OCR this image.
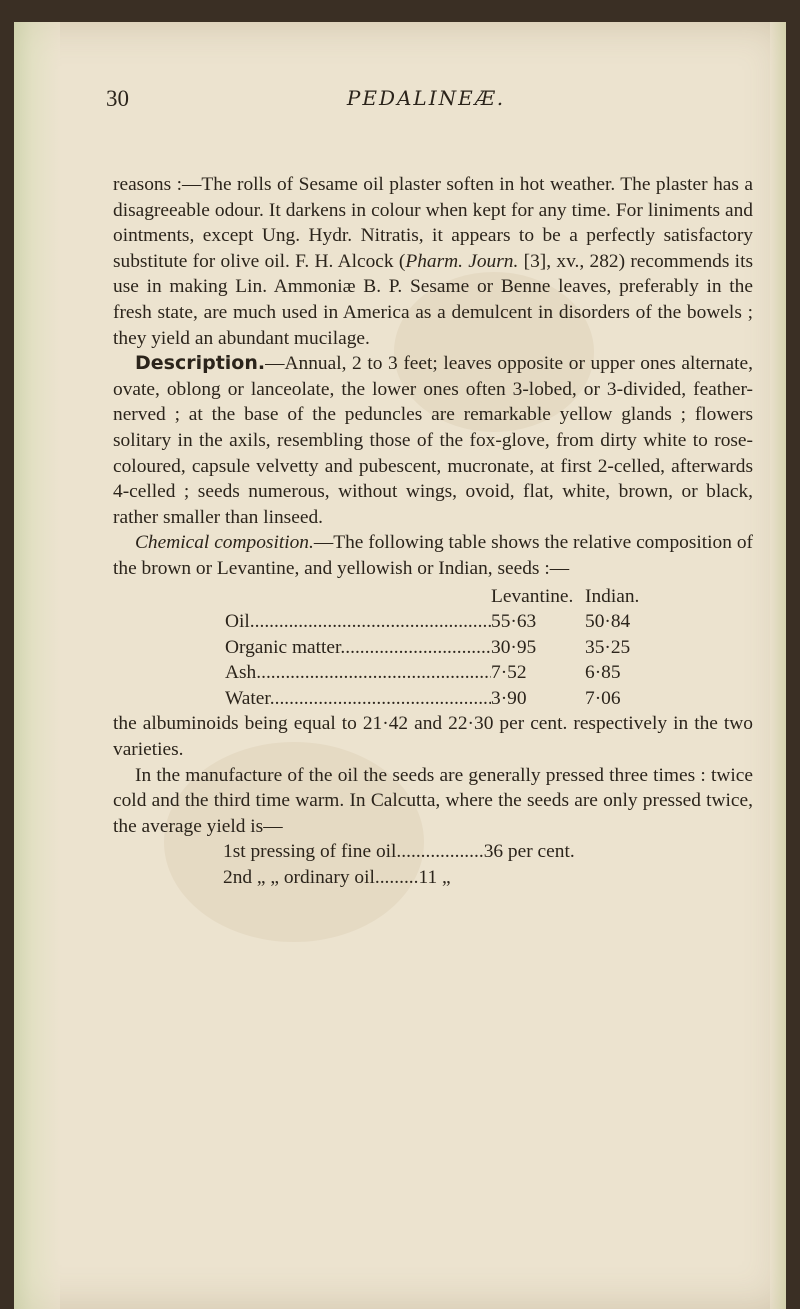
30	PEDALINEÆ.

reasons :—The rolls of Sesame oil plaster soften in hot weather. The plaster has a disagreeable odour. It darkens in colour when kept for any time. For liniments and ointments, except Ung. Hydr. Nitratis, it appears to be a perfectly satisfactory substitute for olive oil. F. H. Alcock (Pharm. Journ. [3], xv., 282) recommends its use in making Lin. Ammoniæ B. P. Sesame or Benne leaves, preferably in the fresh state, are much used in America as a demulcent in disorders of the bowels ; they yield an abundant mucilage.

Description.—Annual, 2 to 3 feet; leaves opposite or upper ones alternate, ovate, oblong or lanceolate, the lower ones often 3-lobed, or 3-divided, feather-nerved ; at the base of the peduncles are remarkable yellow glands ; flowers solitary in the axils, resembling those of the fox-glove, from dirty white to rose-coloured, capsule velvetty and pubescent, mucronate, at first 2-celled, afterwards 4-celled ; seeds numerous, without wings, ovoid, flat, white, brown, or black, rather smaller than linseed.

Chemical composition.—The following table shows the relative composition of the brown or Levantine, and yellowish or Indian, seeds :—

Levantine. Indian.
Oil .....	55·63	50·84
Organic matter .....	30·95	35·25
Ash .....	7·52	6·85
Water .....	3·90	7·06

the albuminoids being equal to 21·42 and 22·30 per cent. respectively in the two varieties.

In the manufacture of the oil the seeds are generally pressed three times : twice cold and the third time warm. In Calcutta, where the seeds are only pressed twice, the average yield is—

1st pressing of fine oil..................36 per cent.
2nd „ „ ordinary oil.........11 „
